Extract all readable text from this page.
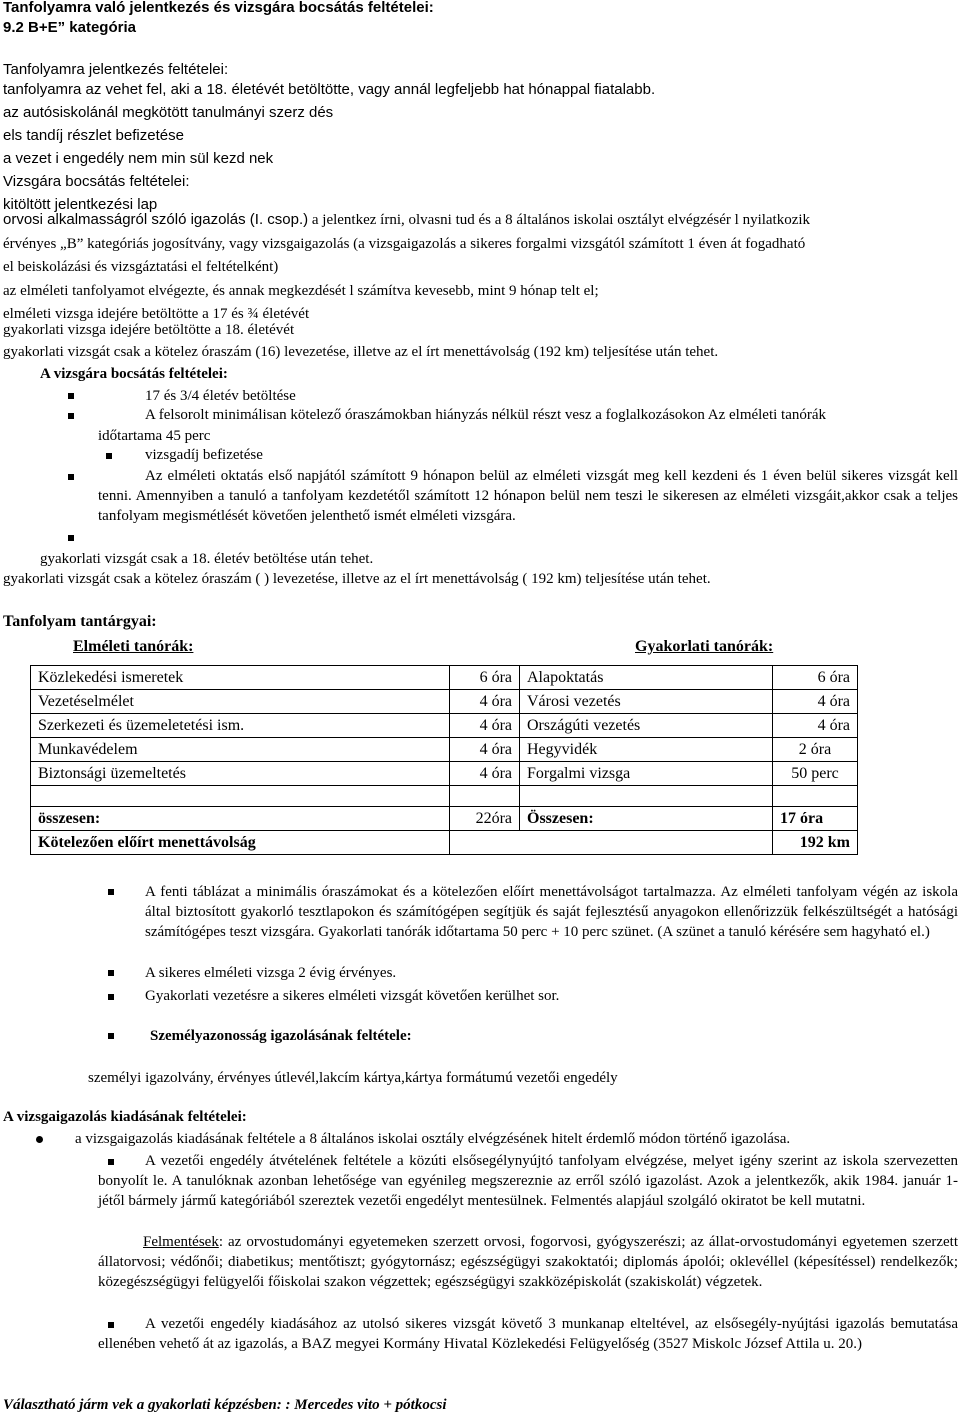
Tanfolyamra való jelentkezés és vizsgára bocsátás feltételei:
9.2 B+E” kategória
Tanfolyamra jelentkezés feltételei:
tanfolyamra az vehet fel, aki a 18. életévét betöltötte, vagy annál legfeljebb hat hónappal fiatalabb.
az autósiskolánál megkötött tanulmányi szerz dés
els tandíj részlet befizetése
a vezet i engedély nem min sül kezd nek
Vizsgára bocsátás feltételei:
kitöltött jelentkezési lap
orvosi alkalmasságról szóló igazolás (I. csop.) a jelentkez írni, olvasni tud és a 8 általános iskolai osztályt elvégzésér l nyilatkozik
érvényes „B” kategóriás jogosítvány, vagy vizsgaigazolás (a vizsgaigazolás a sikeres forgalmi vizsgától számított 1 éven át fogadható
el beiskolázási és vizsgáztatási el feltételként)
az elméleti tanfolyamot elvégezte, és annak megkezdését l számítva kevesebb, mint 9 hónap telt el;
elméleti vizsga idejére betöltötte a 17 és ¾ életévét
gyakorlati vizsga idejére betöltötte a 18. életévét
gyakorlati vizsgát csak a kötelez óraszám (16) levezetése, illetve az el írt menettávolság (192 km) teljesítése után tehet.
A vizsgára bocsátás feltételei:
17 és 3/4 életév betöltése
A felsorolt minimálisan kötelező óraszámokban hiányzás nélkül részt vesz a foglalkozásokon Az elméleti tanórák
időtartama 45 perc
vizsgadíj befizetése
Az elméleti oktatás első napjától számított 9 hónapon belül az elméleti vizsgát meg kell kezdeni és 1 éven belül sikeres vizsgát kell tenni. Amennyiben a tanuló a tanfolyam kezdetétől számított 12 hónapon belül nem teszi le sikeresen az elméleti vizsgáit,akkor csak a teljes tanfolyam megismétlését követően jelenthető ismét elméleti vizsgára.
gyakorlati vizsgát csak a 18. életév betöltése után tehet.
gyakorlati vizsgát csak a kötelez óraszám ( ) levezetése, illetve az el írt menettávolság ( 192 km) teljesítése után tehet.
Tanfolyam tantárgyai:
Elméleti tanórák:	Gyakorlati tanórák:
Közlekedési ismeretek	6 óra	Alapoktatás	6 óra
Vezetéselmélet	4 óra	Városi vezetés	4 óra
Szerkezeti és üzemeletetési ism.	4 óra	Országúti vezetés	4 óra
Munkavédelem	4 óra	Hegyvidék	2 óra
Biztonsági üzemeltetés	4 óra	Forgalmi vizsga	50 perc

összesen:	22óra	Összesen:	17 óra
Kötelezően előírt menettávolság			192 km
A fenti táblázat a minimális óraszámokat és a kötelezően előírt menettávolságot tartalmazza. Az elméleti tanfolyam végén az iskola által biztosított gyakorló tesztlapokon és számítógépen segítjük és saját fejlesztésű anyagokon ellenőrizzük felkészültségét a hatósági számítógépes teszt vizsgára. Gyakorlati tanórák időtartama 50 perc + 10 perc szünet. (A szünet a tanuló kérésére sem hagyható el.)
A sikeres elméleti vizsga 2 évig érvényes.
Gyakorlati vezetésre a sikeres elméleti vizsgát követően kerülhet sor.
Személyazonosság igazolásának feltétele:
személyi igazolvány, érvényes útlevél,lakcím kártya,kártya formátumú vezetői engedély
A vizsgaigazolás kiadásának feltételei:
a vizsgaigazolás kiadásának feltétele a 8 általános iskolai osztály elvégzésének hitelt érdemlő módon történő igazolása.
A vezetői engedély átvételének feltétele a közúti elsősegélynyújtó tanfolyam elvégzése, melyet igény szerint az iskola szervezetten bonyolít le. A tanulóknak azonban lehetősége van egyénileg megszerezniе az erről szóló igazolást. Azok a jelentkezők, akik 1984. január 1-jétől bármely jármű kategóriából szereztek vezetői engedélyt mentesülnek. Felmentés alapjául szolgáló okiratot be kell mutatni.
Felmentések: az orvostudományi egyetemeken szerzett orvosi, fogorvosi, gyógyszerészi; az állat-orvostudományi egyetemen szerzett állatorvosi; védőnői; diabetikus; mentőtiszt; gyógytornász; egészségügyi szakoktatói; diplomás ápolói; oklevéllel (képesítéssel) rendelkezők; közegészségügyi felügyelői főiskolai szakon végzettek; egészségügyi szakközépiskolát (szakiskolát) végzetek.
A vezetői engedély kiadásához az utolsó sikeres vizsgát követő 3 munkanap elteltével, az elsősegély-nyújtási igazolás bemutatása ellenében vehető át az igazolás, a BAZ megyei Kormány Hivatal Közlekedési Felügyelőség (3527 Miskolc József Attila u. 20.)
Választható járm vek a gyakorlati képzésben: : Mercedes vito + pótkocsi
